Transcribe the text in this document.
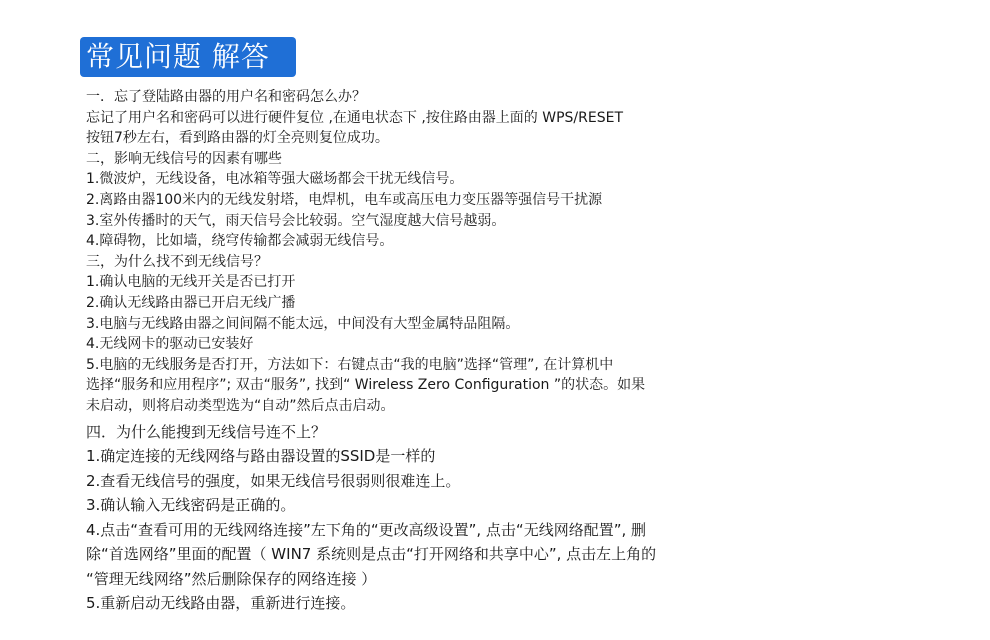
常见问题 解答
一．忘了登陆路由器的用户名和密码怎么办？
忘记了用户名和密码可以进行硬件复位 ,在通电状态下 ,按住路由器上面的 WPS/RESET
按钮7秒左右，看到路由器的灯全亮则复位成功。
二，影响无线信号的因素有哪些
1.微波炉，无线设备，电冰箱等强大磁场都会干扰无线信号。
2.离路由器100米内的无线发射塔，电焊机，电车或高压电力变压器等强信号干扰源
3.室外传播时的天气，雨天信号会比较弱。空气湿度越大信号越弱。
4.障碍物，比如墙，绕穹传输都会减弱无线信号。
三，为什么找不到无线信号？
1.确认电脑的无线开关是否已打开
2.确认无线路由器已开启无线广播
3.电脑与无线路由器之间间隔不能太远，中间没有大型金属特品阻隔。
4.无线网卡的驱动已安装好
5.电脑的无线服务是否打开，方法如下：右键点击“我的电脑”选择“管理”, 在计算机中
选择“服务和应用程序”; 双击“服务”, 找到“ Wireless Zero Configuration ”的状态。如果
未启动，则将启动类型选为“自动”然后点击启动。
四．为什么能搜到无线信号连不上？
1.确定连接的无线网络与路由器设置的SSID是一样的
2.查看无线信号的强度，如果无线信号很弱则很难连上。
3.确认输入无线密码是正确的。
4.点击“查看可用的无线网络连接”左下角的“更改高级设置”, 点击“无线网络配置”, 删
除“首选网络”里面的配置（ WIN7 系统则是点击“打开网络和共享中心”, 点击左上角的
“管理无线网络”然后删除保存的网络连接 ）
5.重新启动无线路由器，重新进行连接。
